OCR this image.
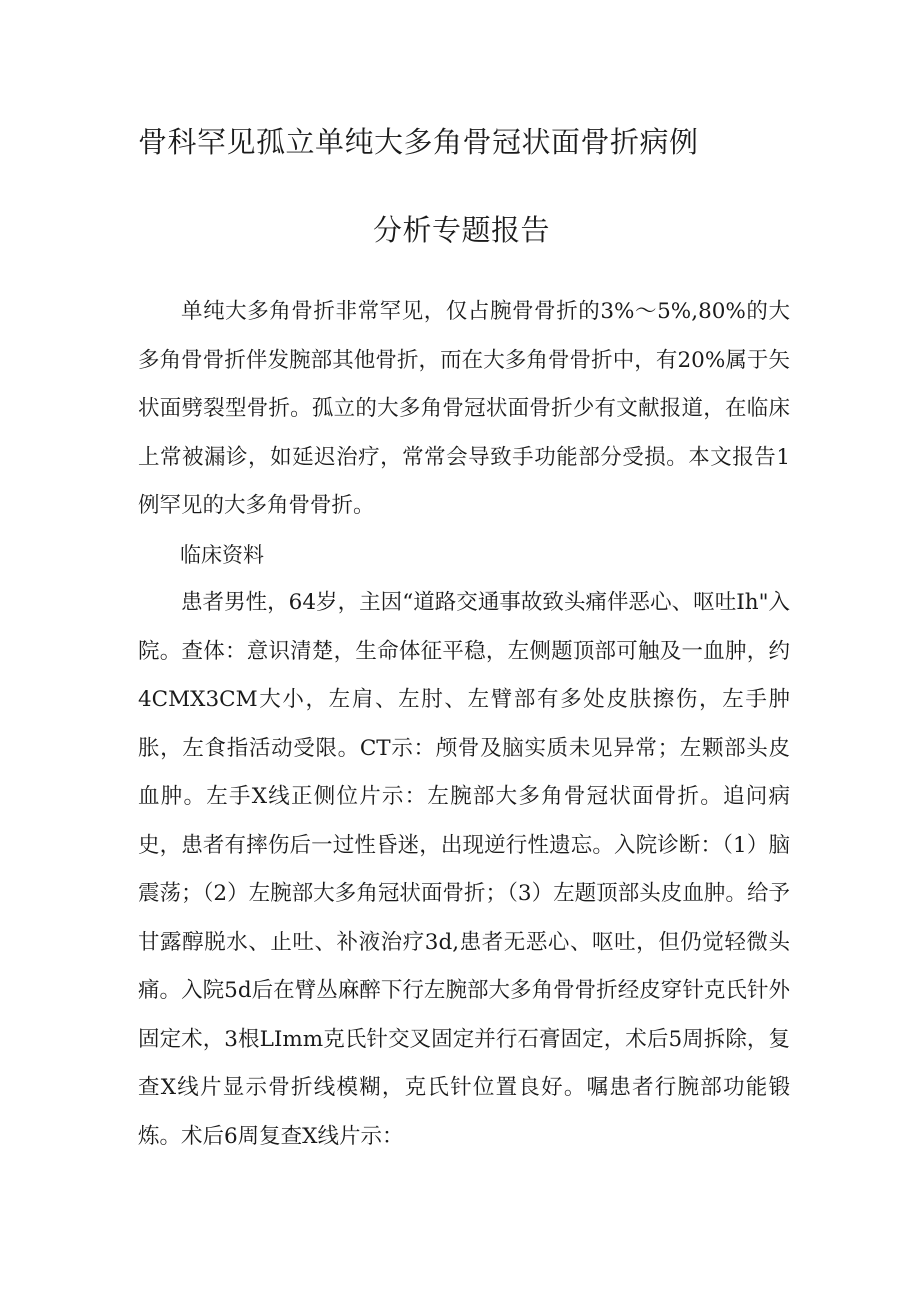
骨科罕见孤立单纯大多角骨冠状面骨折病例
分析专题报告

单纯大多角骨折非常罕见，仅占腕骨骨折的3%～5%,80%的大多角骨骨折伴发腕部其他骨折，而在大多角骨骨折中，有20%属于矢状面劈裂型骨折。孤立的大多角骨冠状面骨折少有文献报道，在临床上常被漏诊，如延迟治疗，常常会导致手功能部分受损。本文报告1例罕见的大多角骨骨折。

临床资料

患者男性，64岁，主因“道路交通事故致头痛伴恶心、呕吐Ih"入院。查体：意识清楚，生命体征平稳，左侧题顶部可触及一血肿，约4CMX3CM大小，左肩、左肘、左臂部有多处皮肤擦伤，左手肿胀，左食指活动受限。CT示：颅骨及脑实质未见异常；左颗部头皮血肿。左手X线正侧位片示：左腕部大多角骨冠状面骨折。追问病史，患者有摔伤后一过性昏迷，出现逆行性遗忘。入院诊断：（1）脑震荡；（2）左腕部大多角冠状面骨折；（3）左题顶部头皮血肿。给予甘露醇脱水、止吐、补液治疗3d,患者无恶心、呕吐，但仍觉轻微头痛。入院5d后在臂丛麻醉下行左腕部大多角骨骨折经皮穿针克氏针外固定术，3根LImm克氏针交叉固定并行石膏固定，术后5周拆除，复查X线片显示骨折线模糊，克氏针位置良好。嘱患者行腕部功能锻炼。术后6周复查X线片示：
